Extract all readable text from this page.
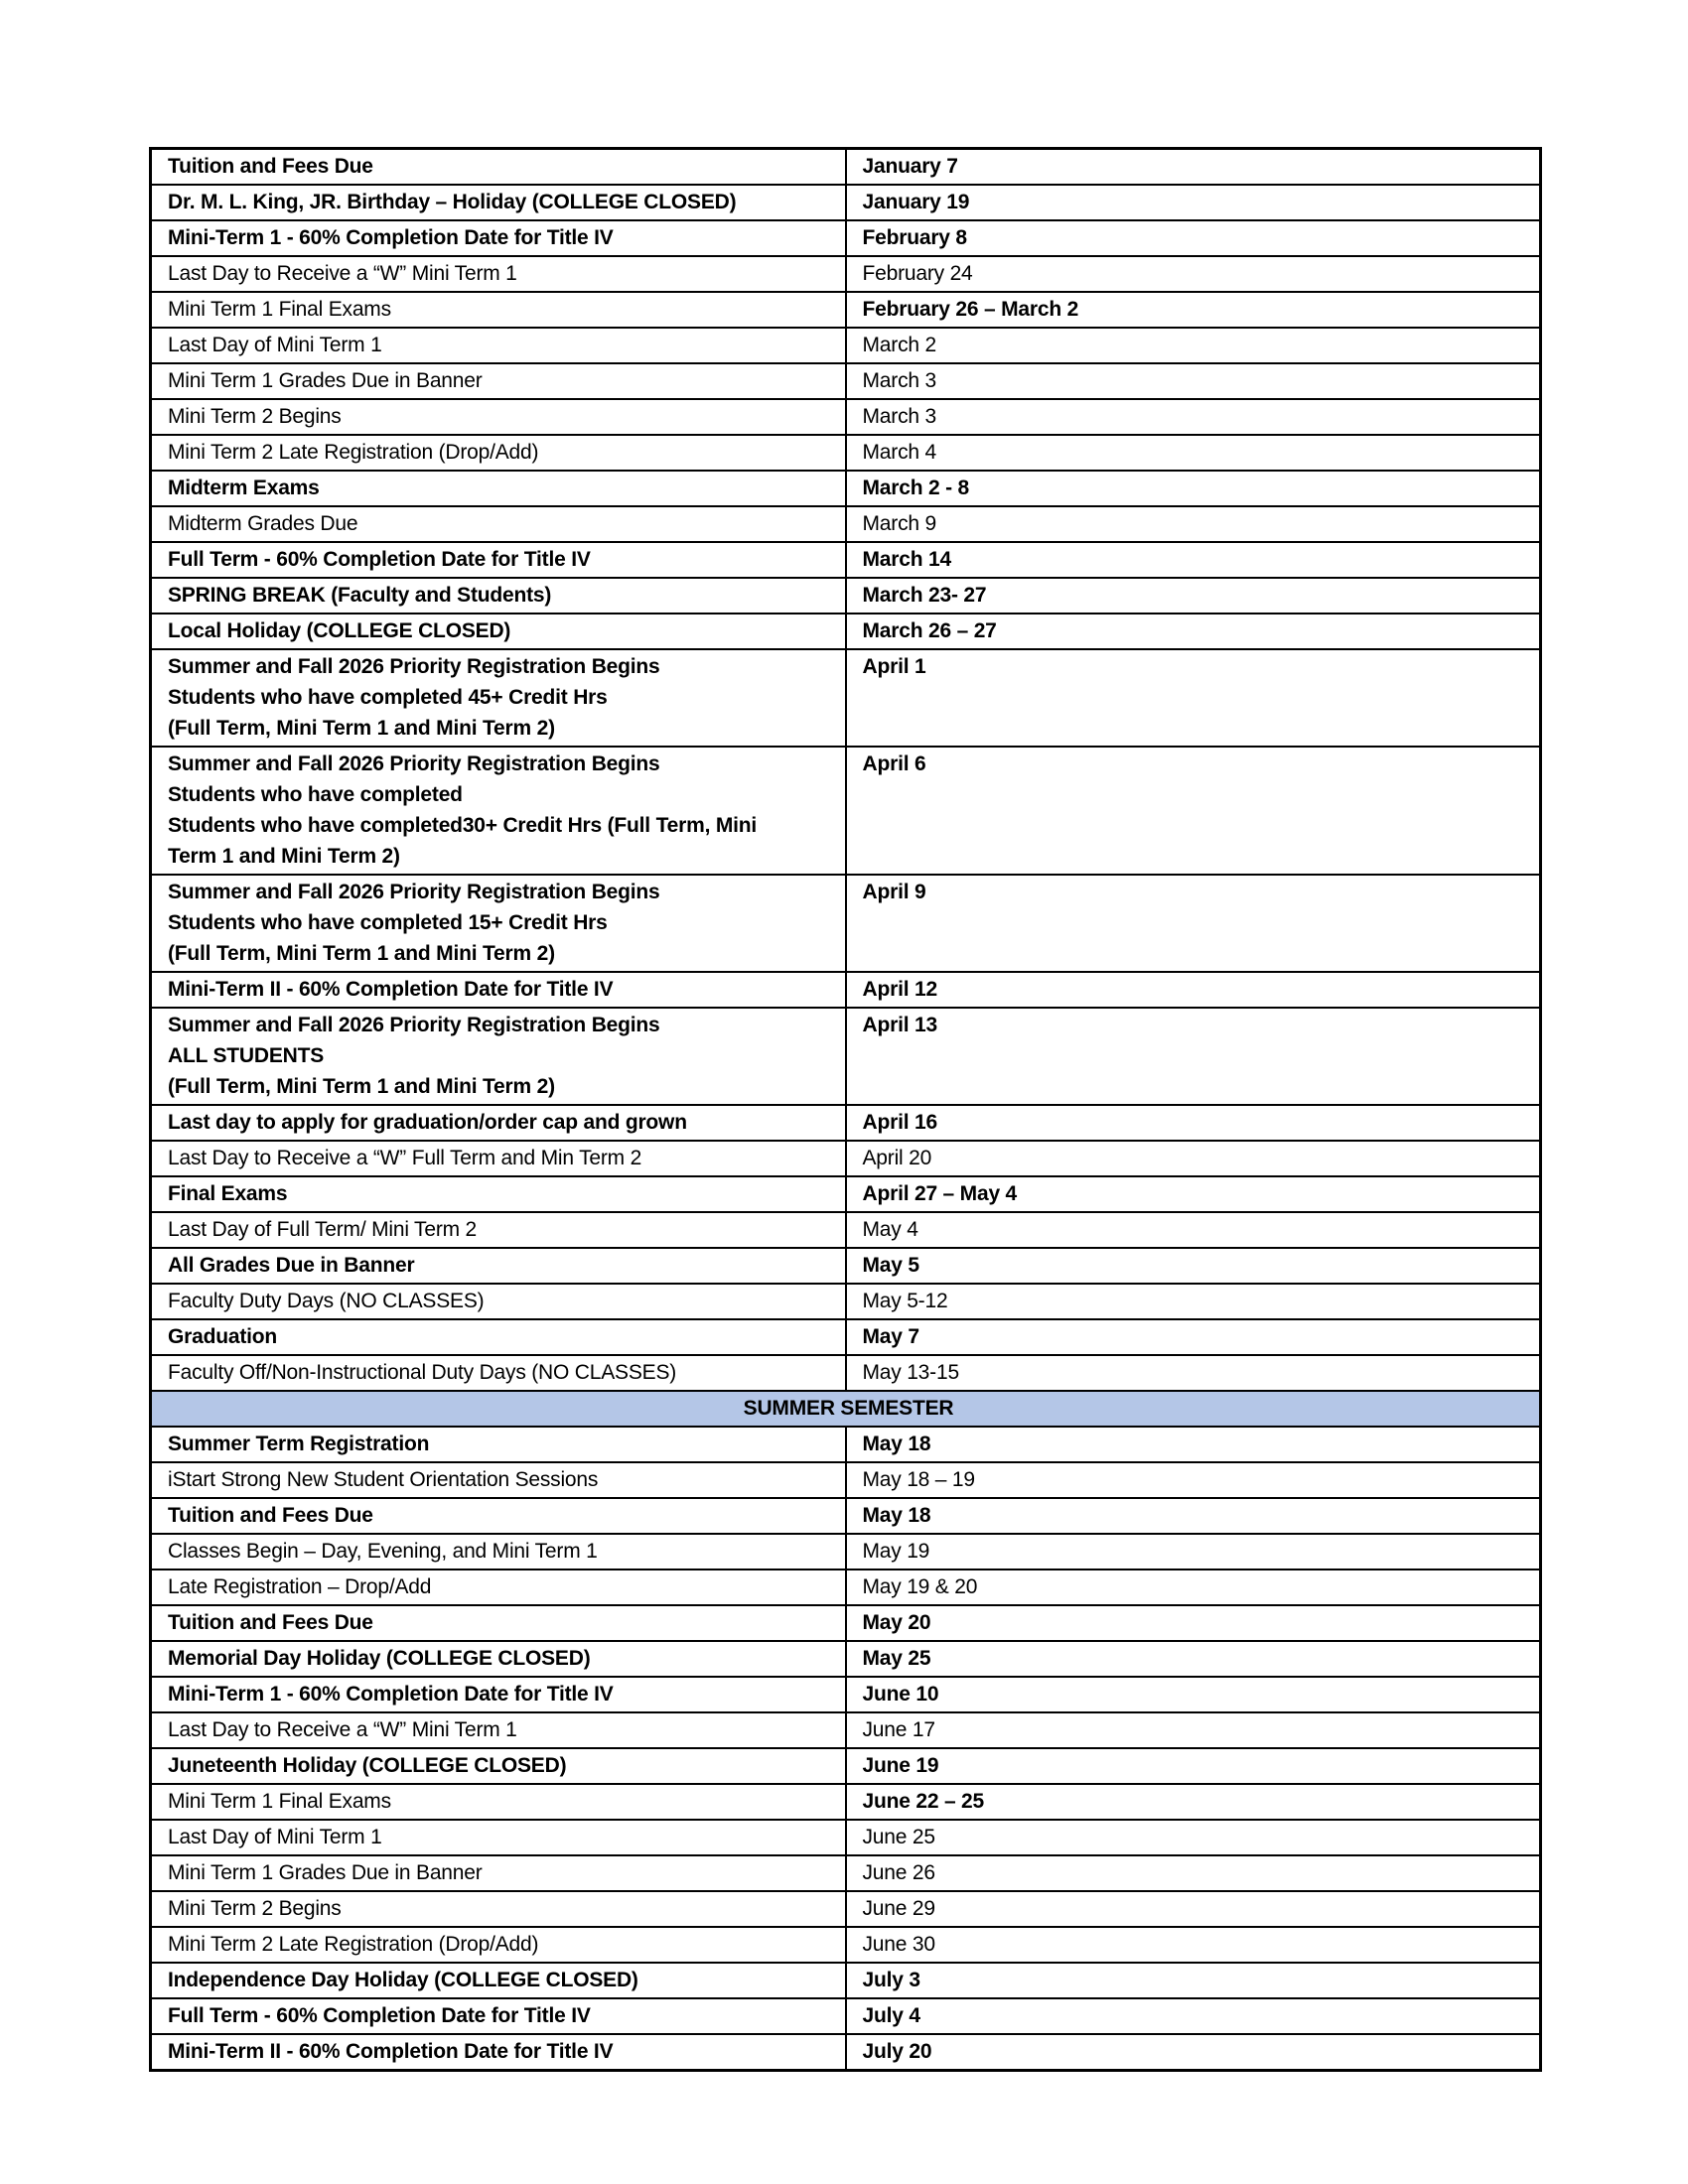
Tuition and Fees Due	January 7

Dr. M. L. King, JR. Birthday – Holiday (COLLEGE CLOSED)	January 19

Mini-Term 1 - 60% Completion Date for Title IV	February 8

Last Day to Receive a “W” Mini Term 1	February 24

Mini Term 1 Final Exams	February 26 – March 2

Last Day of Mini Term 1	March 2

Mini Term 1 Grades Due in Banner	March 3

Mini Term 2 Begins	March 3

Mini Term 2 Late Registration (Drop/Add)	March 4

Midterm Exams	March 2 - 8

Midterm Grades Due	March 9

Full Term - 60% Completion Date for Title IV	March 14

SPRING BREAK (Faculty and Students)	March 23- 27

Local Holiday (COLLEGE CLOSED)	March 26 – 27

Summer and Fall 2026 Priority Registration Begins
Students who have completed 45+ Credit Hrs
(Full Term, Mini Term 1 and Mini Term 2)	April 1

Summer and Fall 2026 Priority Registration Begins
Students who have completed
Students who have completed30+ Credit Hrs (Full Term, Mini
Term 1 and Mini Term 2)	April 6

Summer and Fall 2026 Priority Registration Begins
Students who have completed 15+ Credit Hrs
(Full Term, Mini Term 1 and Mini Term 2)	April 9

Mini-Term II - 60% Completion Date for Title IV	April 12

Summer and Fall 2026 Priority Registration Begins
ALL STUDENTS
(Full Term, Mini Term 1 and Mini Term 2)	April 13

Last day to apply for graduation/order cap and grown	April 16

Last Day to Receive a “W” Full Term and Min Term 2	April 20

Final Exams	April 27 – May 4

Last Day of Full Term/ Mini Term 2	May 4

All Grades Due in Banner	May 5

Faculty Duty Days (NO CLASSES)	May 5-12

Graduation	May 7

Faculty Off/Non-Instructional Duty Days (NO CLASSES)	May 13-15
SUMMER SEMESTER	

Summer Term Registration	May 18

iStart Strong New Student Orientation Sessions	May 18 – 19

Tuition and Fees Due	May 18

Classes Begin – Day, Evening, and Mini Term 1	May 19

Late Registration – Drop/Add	May 19 & 20

Tuition and Fees Due	May 20

Memorial Day Holiday (COLLEGE CLOSED)	May 25

Mini-Term 1 - 60% Completion Date for Title IV	June 10

Last Day to Receive a “W” Mini Term 1	June 17

Juneteenth Holiday (COLLEGE CLOSED)	June 19

Mini Term 1 Final Exams	June 22 – 25

Last Day of Mini Term 1	June 25

Mini Term 1 Grades Due in Banner	June 26

Mini Term 2 Begins	June 29

Mini Term 2 Late Registration (Drop/Add)	June 30

Independence Day Holiday (COLLEGE CLOSED)	July 3

Full Term - 60% Completion Date for Title IV	July 4

Mini-Term II - 60% Completion Date for Title IV	July 20
